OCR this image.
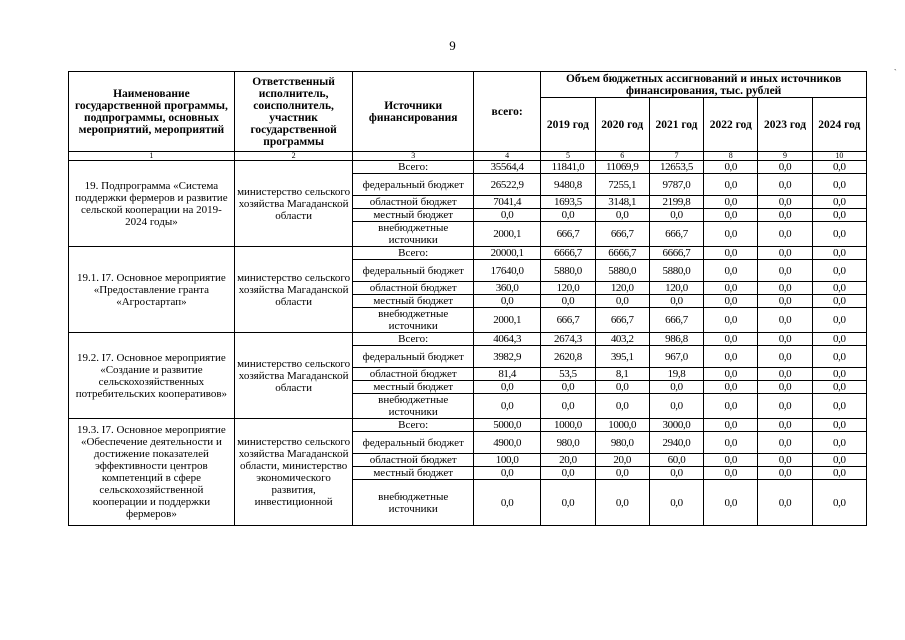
9
Наименование государственной программы, подпрограммы, основных мероприятий, мероприятий	Ответственный исполнитель, соисполнитель, участник государственной программы	Источники финансирования	всего:	Объем бюджетных ассигнований и иных источников финансирования, тыс. рублей					
				2019 год	2020 год	2021 год	2022 год	2023 год	2024 год
1	2	3	4	5	6	7	8	9	10
19. Подпрограмма «Система поддержки фермеров и развитие сельской кооперации на 2019-2024 годы»	министерство сельского хозяйства Магаданской области	Всего:	35564,4	11841,0	11069,9	12653,5	0,0	0,0	0,0
		федеральный бюджет	26522,9	9480,8	7255,1	9787,0	0,0	0,0	0,0
		областной бюджет	7041,4	1693,5	3148,1	2199,8	0,0	0,0	0,0
		местный бюджет	0,0	0,0	0,0	0,0	0,0	0,0	0,0
		внебюджетные источники	2000,1	666,7	666,7	666,7	0,0	0,0	0,0
19.1. I7. Основное мероприятие «Предоставление гранта «Агростартап»	министерство сельского хозяйства Магаданской области	Всего:	20000,1	6666,7	6666,7	6666,7	0,0	0,0	0,0
		федеральный бюджет	17640,0	5880,0	5880,0	5880,0	0,0	0,0	0,0
		областной бюджет	360,0	120,0	120,0	120,0	0,0	0,0	0,0
		местный бюджет	0,0	0,0	0,0	0,0	0,0	0,0	0,0
		внебюджетные источники	2000,1	666,7	666,7	666,7	0,0	0,0	0,0
19.2. I7. Основное мероприятие «Создание и развитие сельскохозяйственных потребительских кооперативов»	министерство сельского хозяйства Магаданской области	Всего:	4064,3	2674,3	403,2	986,8	0,0	0,0	0,0
		федеральный бюджет	3982,9	2620,8	395,1	967,0	0,0	0,0	0,0
		областной бюджет	81,4	53,5	8,1	19,8	0,0	0,0	0,0
		местный бюджет	0,0	0,0	0,0	0,0	0,0	0,0	0,0
		внебюджетные источники	0,0	0,0	0,0	0,0	0,0	0,0	0,0
19.3. I7. Основное мероприятие «Обеспечение деятельности и достижение показателей эффективности центров компетенций в сфере сельскохозяйственной кооперации и поддержки фермеров»	министерство сельского хозяйства Магаданской области, министерство экономического развития, инвестиционной	Всего:	5000,0	1000,0	1000,0	3000,0	0,0	0,0	0,0
		федеральный бюджет	4900,0	980,0	980,0	2940,0	0,0	0,0	0,0
		областной бюджет	100,0	20,0	20,0	60,0	0,0	0,0	0,0
		местный бюджет	0,0	0,0	0,0	0,0	0,0	0,0	0,0
		внебюджетные источники	0,0	0,0	0,0	0,0	0,0	0,0	0,0
ˏ
